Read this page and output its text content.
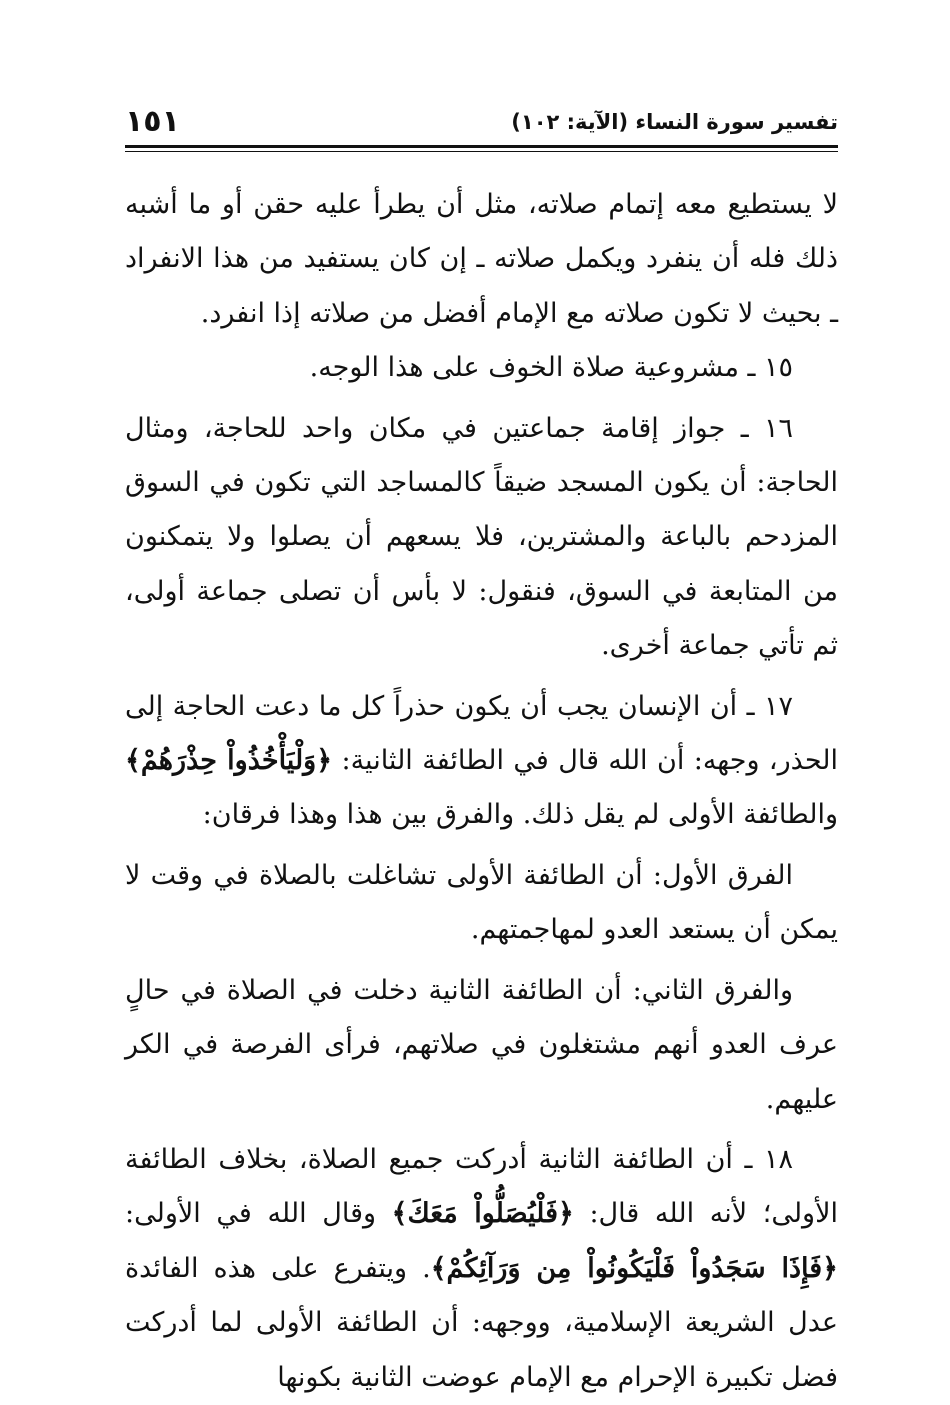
تفسير سورة النساء (الآية: ١٠٢)
١٥١

لا يستطيع معه إتمام صلاته، مثل أن يطرأ عليه حقن أو ما أشبه ذلك فله أن ينفرد ويكمل صلاته ـ إن كان يستفيد من هذا الانفراد ـ بحيث لا تكون صلاته مع الإمام أفضل من صلاته إذا انفرد.

١٥ ـ مشروعية صلاة الخوف على هذا الوجه.

١٦ ـ جواز إقامة جماعتين في مكان واحد للحاجة، ومثال الحاجة: أن يكون المسجد ضيقاً كالمساجد التي تكون في السوق المزدحم بالباعة والمشترين، فلا يسعهم أن يصلوا ولا يتمكنون من المتابعة في السوق، فنقول: لا بأس أن تصلى جماعة أولى، ثم تأتي جماعة أخرى.

١٧ ـ أن الإنسان يجب أن يكون حذراً كل ما دعت الحاجة إلى الحذر، وجهه: أن الله قال في الطائفة الثانية: ﴿وَلْيَأْخُذُواْ حِذْرَهُمْ﴾ والطائفة الأولى لم يقل ذلك. والفرق بين هذا وهذا فرقان:

الفرق الأول: أن الطائفة الأولى تشاغلت بالصلاة في وقت لا يمكن أن يستعد العدو لمهاجمتهم.

والفرق الثاني: أن الطائفة الثانية دخلت في الصلاة في حالٍ عرف العدو أنهم مشتغلون في صلاتهم، فرأى الفرصة في الكر عليهم.

١٨ ـ أن الطائفة الثانية أدركت جميع الصلاة، بخلاف الطائفة الأولى؛ لأنه الله قال: ﴿فَلْيُصَلُّواْ مَعَكَ﴾ وقال الله في الأولى: ﴿فَإِذَا سَجَدُواْ فَلْيَكُونُواْ مِن وَرَآئِكُمْ﴾. ويتفرع على هذه الفائدة عدل الشريعة الإسلامية، ووجهه: أن الطائفة الأولى لما أدركت فضل تكبيرة الإحرام مع الإمام عوضت الثانية بكونها
